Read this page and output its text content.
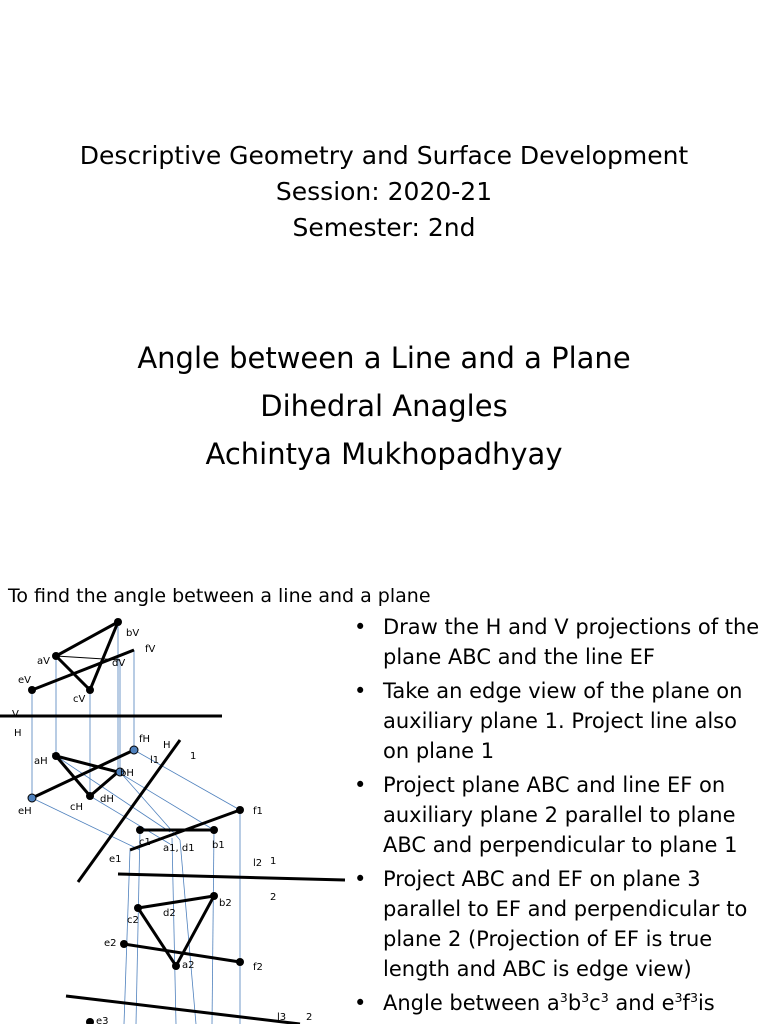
Descriptive Geometry and Surface Development
Session: 2020-21
Semester: 2nd
Angle between a Line and a Plane
Dihedral Anagles
Achintya Mukhopadhyay
To find the angle between a line and a plane
• Draw the H and V projections of the plane ABC and the line EF
• Take an edge view of the plane on auxiliary plane 1. Project line also on plane 1
• Project plane ABC and line EF on auxiliary plane 2 parallel to plane ABC and perpendicular to plane 1
• Project ABC and EF on plane 3 parallel to EF and perpendicular to plane 2 (Projection of EF is true length and ABC is edge view)
• Angle between $a^3b^3c^3$ and $e^3f^3is$
bV
fV
aV	dV
eV
cV
V
H
fH
H
l1	1
aH
bH
cH
dH
eH	f1
c1
a1, d1 b1
e1	l2 1
2
b2
c2
d2
e2
a2	f2
e3	l3 2
